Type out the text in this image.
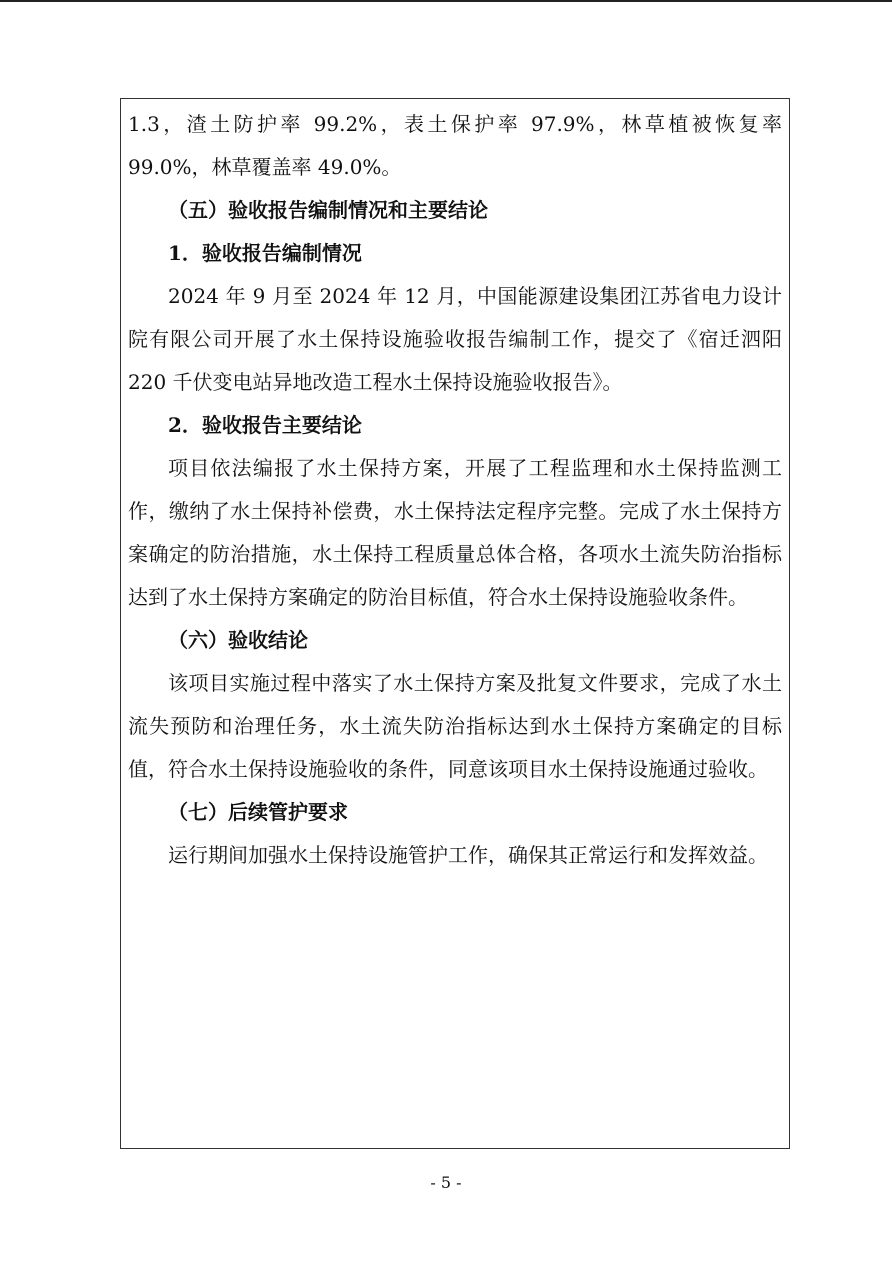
1.3，渣土防护率 99.2%，表土保护率 97.9%，林草植被恢复率 99.0%，林草覆盖率 49.0%。

（五）验收报告编制情况和主要结论

1．验收报告编制情况

2024 年 9 月至 2024 年 12 月，中国能源建设集团江苏省电力设计院有限公司开展了水土保持设施验收报告编制工作，提交了《宿迁泗阳 220 千伏变电站异地改造工程水土保持设施验收报告》。

2．验收报告主要结论

项目依法编报了水土保持方案，开展了工程监理和水土保持监测工作，缴纳了水土保持补偿费，水土保持法定程序完整。完成了水土保持方案确定的防治措施，水土保持工程质量总体合格，各项水土流失防治指标达到了水土保持方案确定的防治目标值，符合水土保持设施验收条件。

（六）验收结论

该项目实施过程中落实了水土保持方案及批复文件要求，完成了水土流失预防和治理任务，水土流失防治指标达到水土保持方案确定的目标值，符合水土保持设施验收的条件，同意该项目水土保持设施通过验收。

（七）后续管护要求

运行期间加强水土保持设施管护工作，确保其正常运行和发挥效益。

- 5 -
